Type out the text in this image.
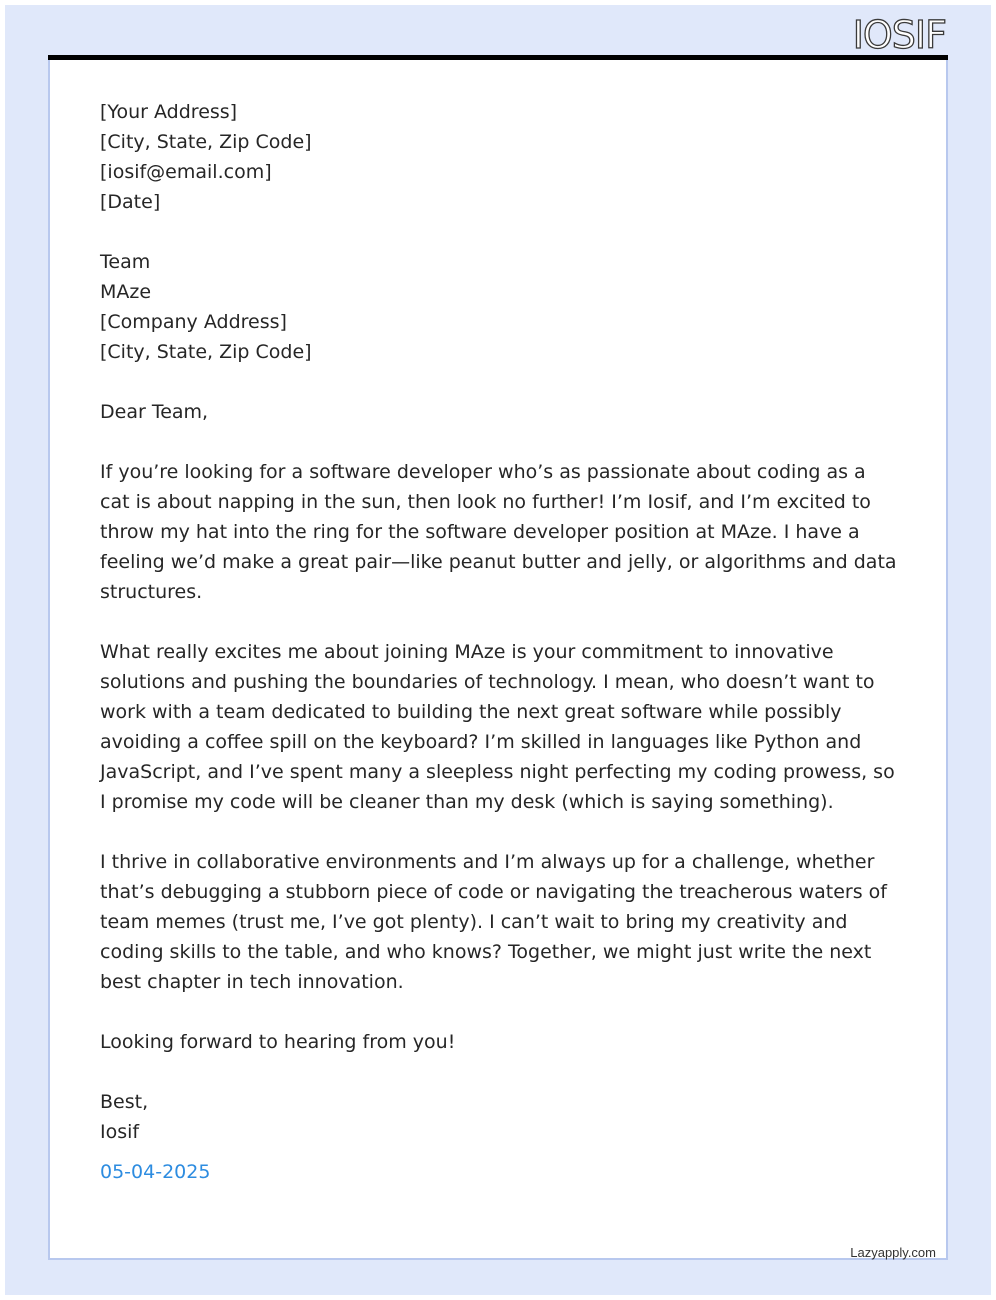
IOSIF
[Your Address]
[City, State, Zip Code]
[iosif@email.com]
[Date]
Team
MAze
[Company Address]
[City, State, Zip Code]
Dear Team,
If you’re looking for a software developer who’s as passionate about coding as a cat is about napping in the sun, then look no further! I’m Iosif, and I’m excited to throw my hat into the ring for the software developer position at MAze. I have a feeling we’d make a great pair—like peanut butter and jelly, or algorithms and data structures.
What really excites me about joining MAze is your commitment to innovative solutions and pushing the boundaries of technology. I mean, who doesn’t want to work with a team dedicated to building the next great software while possibly avoiding a coffee spill on the keyboard? I’m skilled in languages like Python and JavaScript, and I’ve spent many a sleepless night perfecting my coding prowess, so I promise my code will be cleaner than my desk (which is saying something).
I thrive in collaborative environments and I’m always up for a challenge, whether that’s debugging a stubborn piece of code or navigating the treacherous waters of team memes (trust me, I’ve got plenty). I can’t wait to bring my creativity and coding skills to the table, and who knows? Together, we might just write the next best chapter in tech innovation.
Looking forward to hearing from you!
Best,
Iosif
05-04-2025
Lazyapply.com
